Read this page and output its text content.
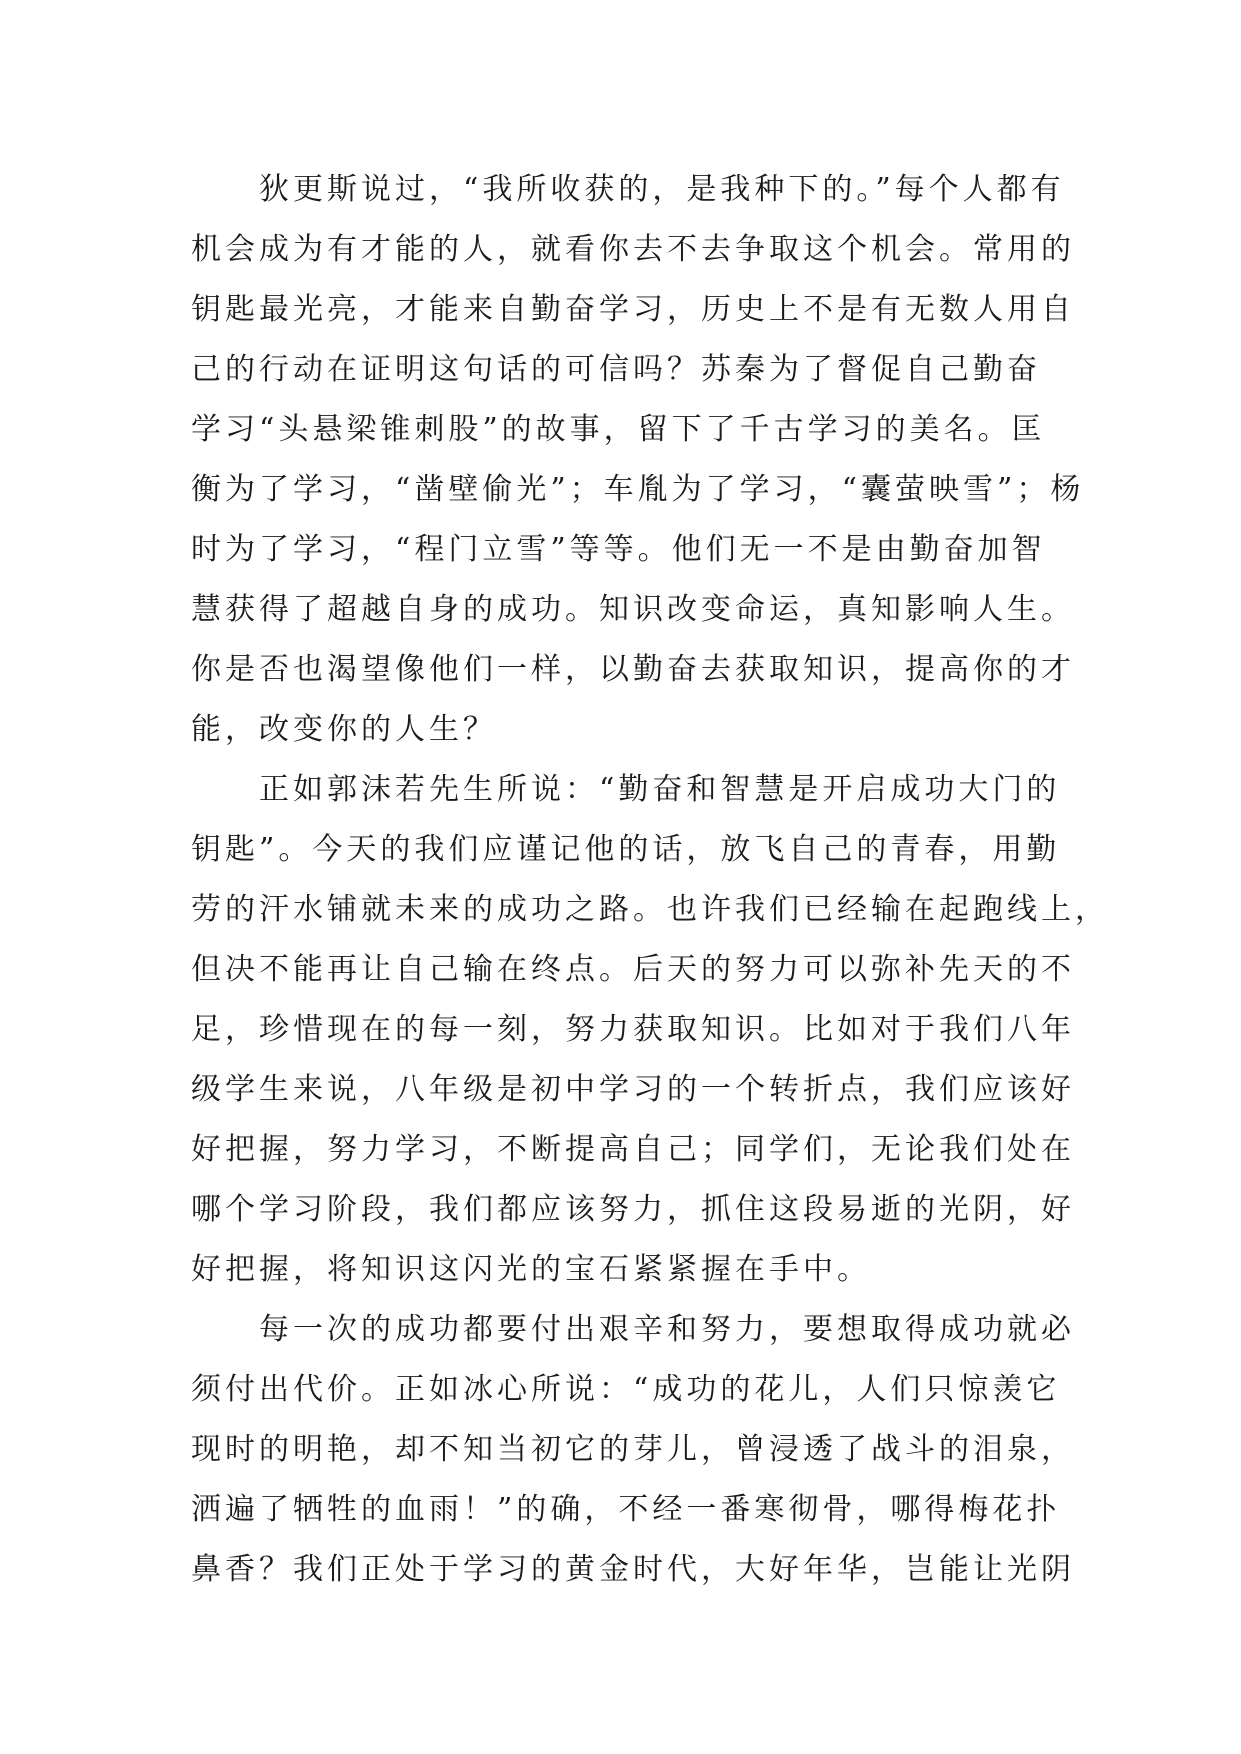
狄更斯说过，“我所收获的，是我种下的。”每个人都有
机会成为有才能的人，就看你去不去争取这个机会。常用的
钥匙最光亮，才能来自勤奋学习，历史上不是有无数人用自
己的行动在证明这句话的可信吗？苏秦为了督促自己勤奋
学习“头悬梁锥刺股”的故事，留下了千古学习的美名。匡
衡为了学习，“凿壁偷光”；车胤为了学习，“囊萤映雪”；杨
时为了学习，“程门立雪”等等。他们无一不是由勤奋加智
慧获得了超越自身的成功。知识改变命运，真知影响人生。
你是否也渴望像他们一样，以勤奋去获取知识，提高你的才
能，改变你的人生？
正如郭沫若先生所说：“勤奋和智慧是开启成功大门的
钥匙”。今天的我们应谨记他的话，放飞自己的青春，用勤
劳的汗水铺就未来的成功之路。也许我们已经输在起跑线上，
但决不能再让自己输在终点。后天的努力可以弥补先天的不
足，珍惜现在的每一刻，努力获取知识。比如对于我们八年
级学生来说，八年级是初中学习的一个转折点，我们应该好
好把握，努力学习，不断提高自己；同学们，无论我们处在
哪个学习阶段，我们都应该努力，抓住这段易逝的光阴，好
好把握，将知识这闪光的宝石紧紧握在手中。
每一次的成功都要付出艰辛和努力，要想取得成功就必
须付出代价。正如冰心所说：“成功的花儿，人们只惊羡它
现时的明艳，却不知当初它的芽儿，曾浸透了战斗的泪泉，
洒遍了牺牲的血雨！”的确，不经一番寒彻骨，哪得梅花扑
鼻香？我们正处于学习的黄金时代，大好年华，岂能让光阴
